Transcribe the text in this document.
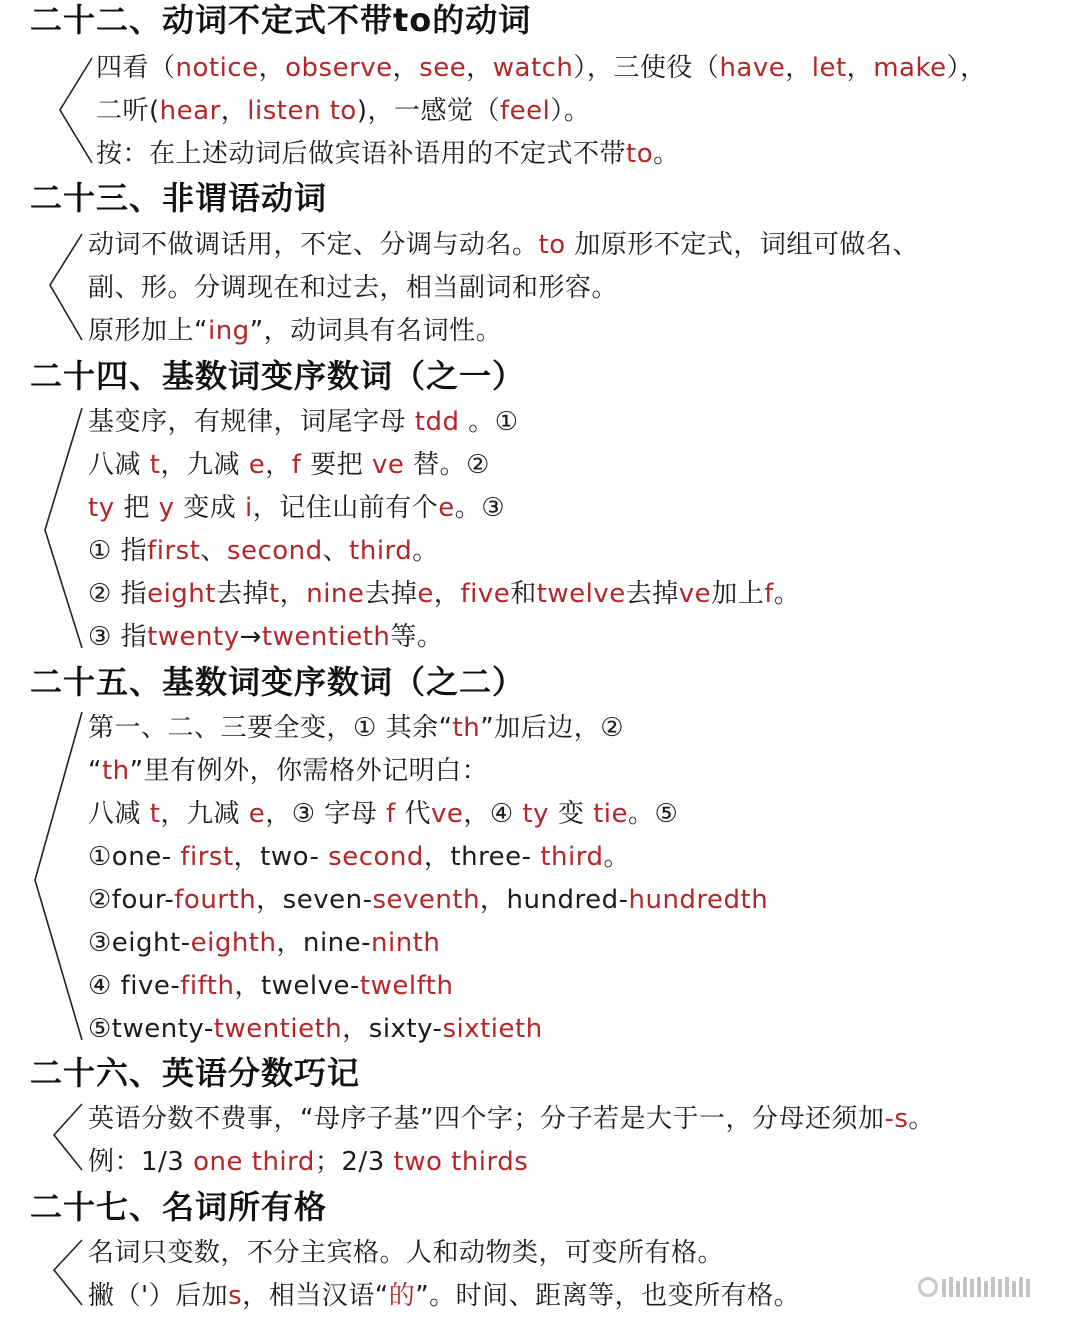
二十二、动词不定式不带to的动词
四看（notice，observe，see，watch），三使役（have，let，make），
二听(hear，listen to)，一感觉（feel）。
按：在上述动词后做宾语补语用的不定式不带to。
二十三、非谓语动词
动词不做调话用，不定、分调与动名。to 加原形不定式，词组可做名、
副、形。分调现在和过去，相当副词和形容。
原形加上“ing”，动词具有名词性。
二十四、基数词变序数词（之一）
基变序，有规律，词尾字母 tdd 。①
八减 t，九减 e，f 要把 ve 替。②
ty 把 y 变成 i，记住山前有个e。③
① 指first、second、third。
② 指eight去掉t，nine去掉e，five和twelve去掉ve加上f。
③ 指twenty→twentieth等。
二十五、基数词变序数词（之二）
第一、二、三要全变，① 其余“th”加后边，②
“th”里有例外，你需格外记明白：
八减 t，九减 e，③ 字母 f 代ve，④ ty 变 tie。⑤
①one- first，two- second，three- third。
②four-fourth，seven-seventh，hundred-hundredth
③eight-eighth，nine-ninth
④ five-fifth，twelve-twelfth
⑤twenty-twentieth，sixty-sixtieth
二十六、英语分数巧记
英语分数不费事，“母序子基”四个字；分子若是大于一，分母还须加-s。
例：1/3 one third；2/3 two thirds
二十七、名词所有格
名词只变数，不分主宾格。人和动物类，可变所有格。
撇（'）后加s，相当汉语“的”。时间、距离等，也变所有格。
